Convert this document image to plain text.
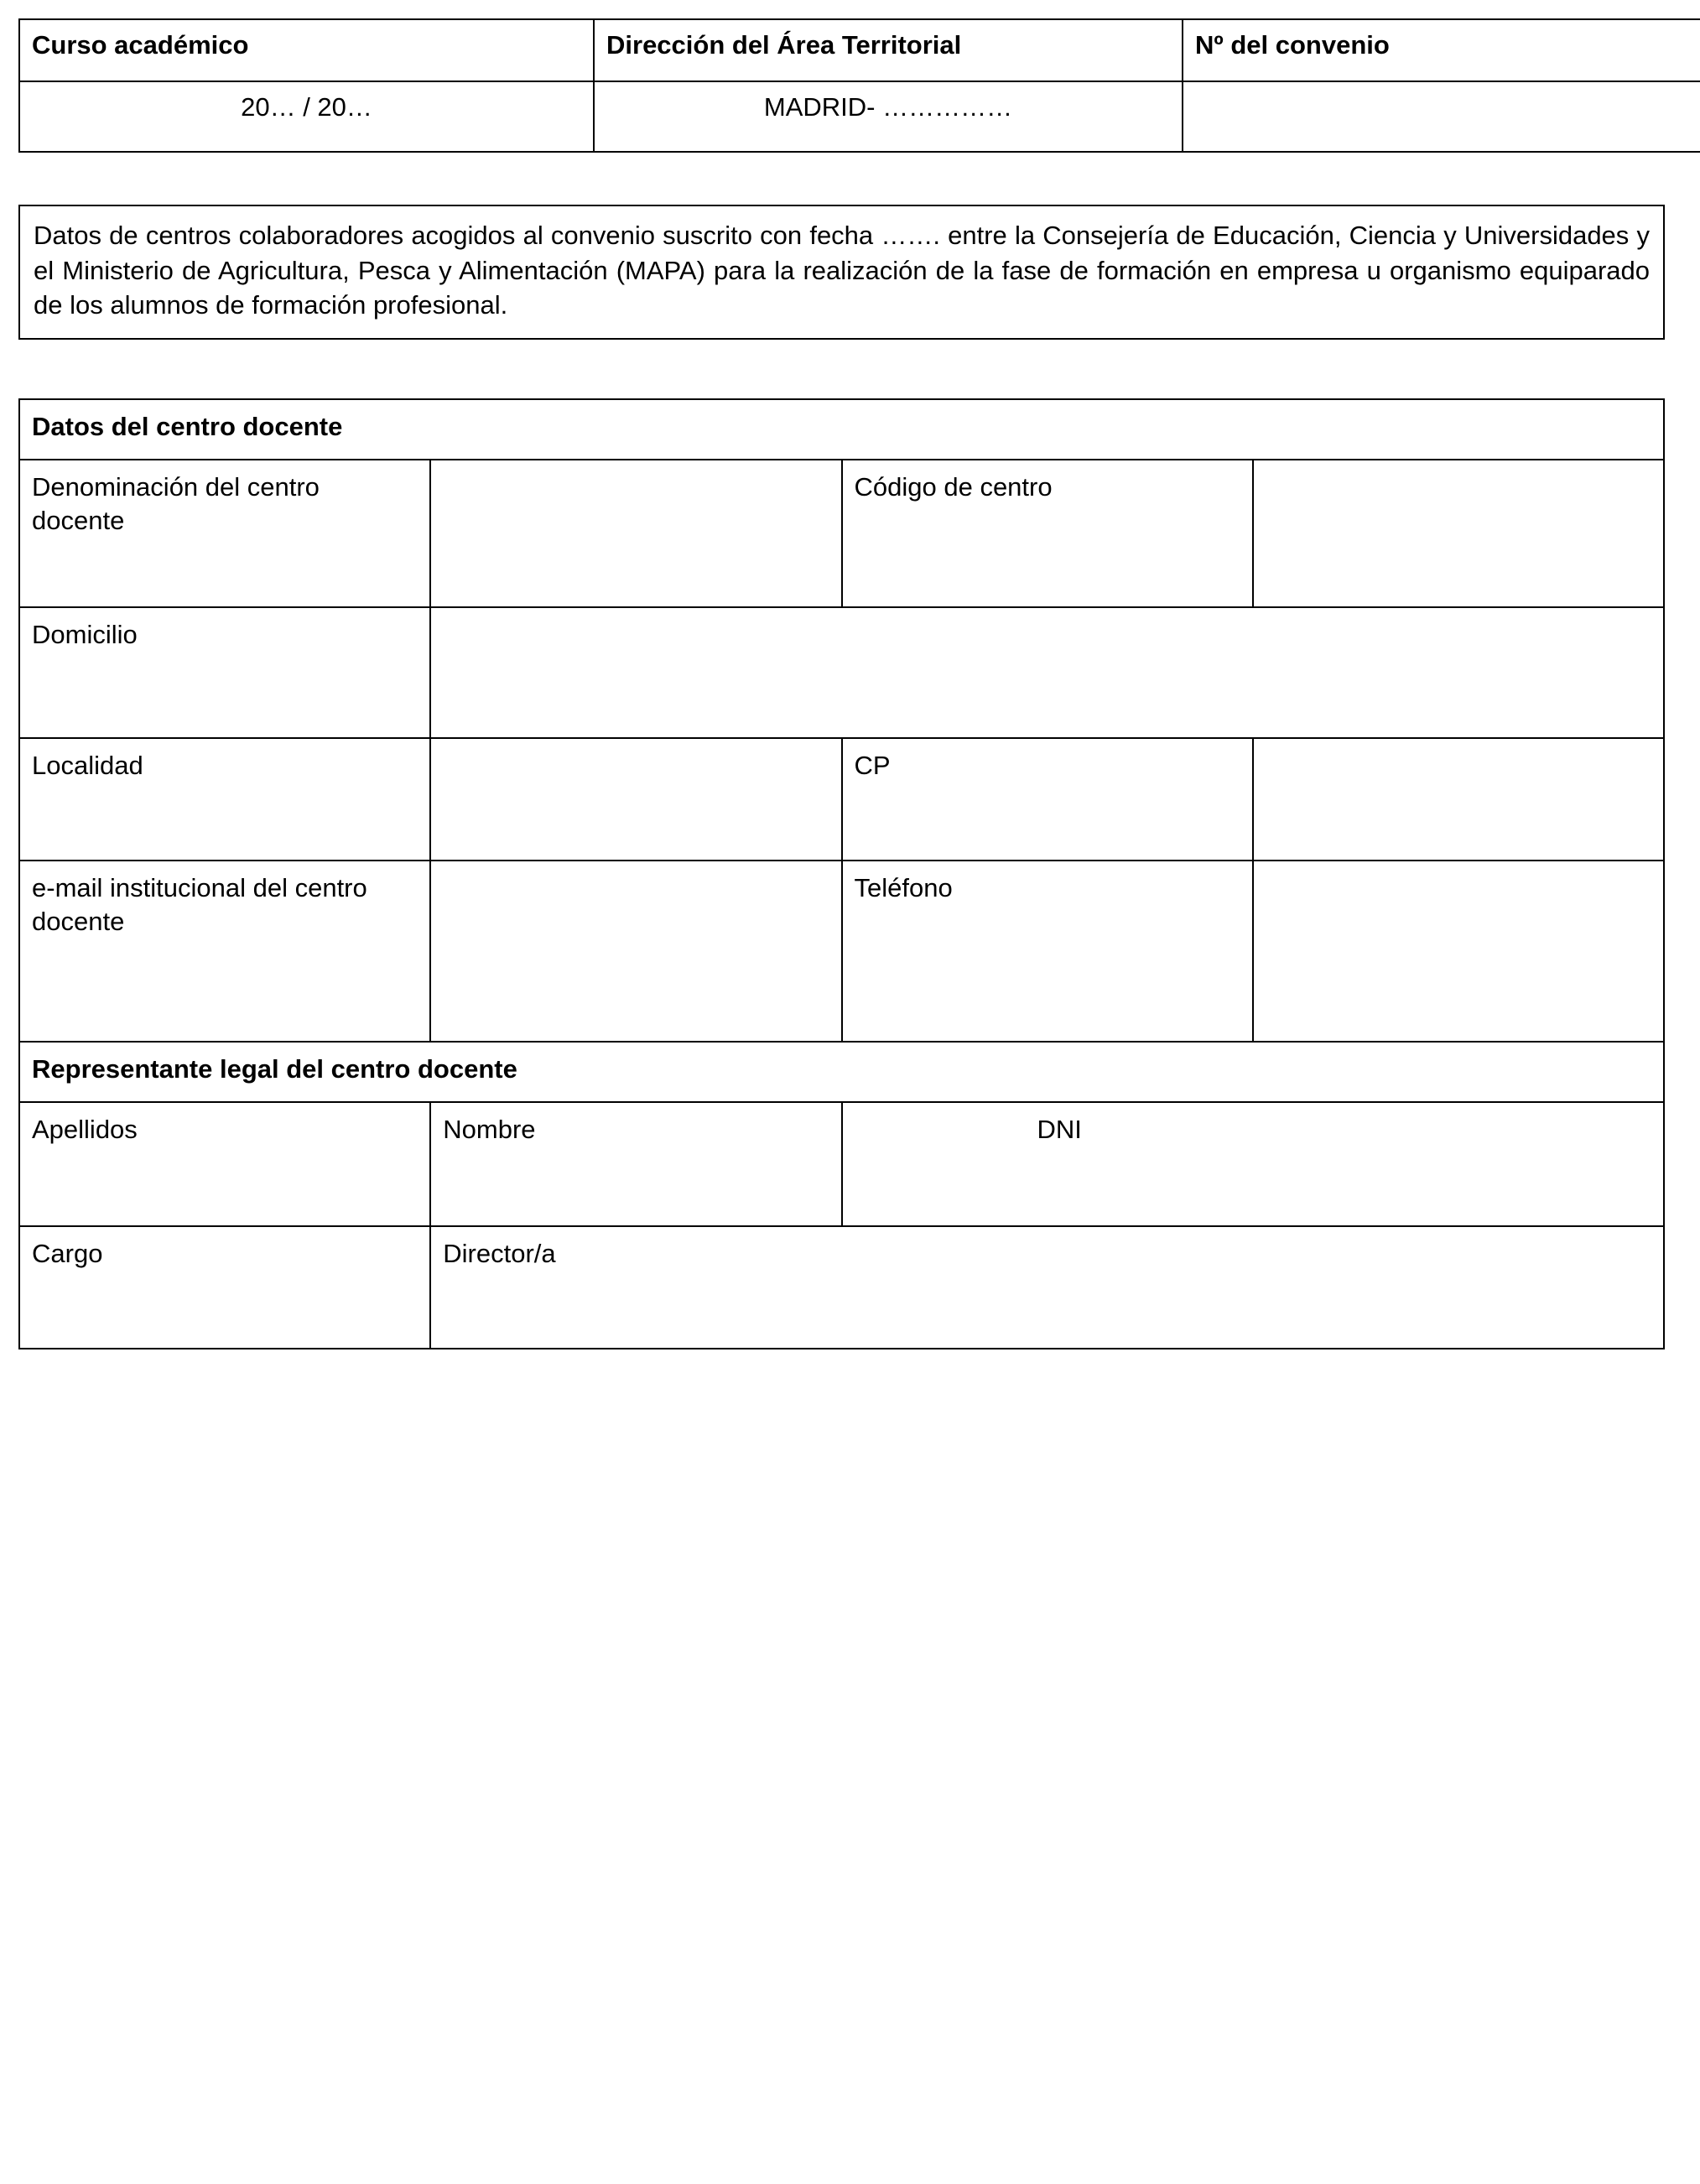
Curso académico	Dirección del Área Territorial	Nº del convenio
20… / 20…	MADRID- ……………	
Datos de centros colaboradores acogidos al convenio suscrito con fecha ……. entre la Consejería de Educación, Ciencia y Universidades y el Ministerio de Agricultura, Pesca y Alimentación (MAPA) para la realización de la fase de formación en empresa u organismo equiparado de los alumnos de formación profesional.
Datos del centro docente			
Denominación del centro docente		Código de centro	
Domicilio			
Localidad		CP	
e-mail institucional del centro docente		Teléfono	
Representante legal del centro docente			
Apellidos	Nombre	DNI	
Cargo	Director/a		
